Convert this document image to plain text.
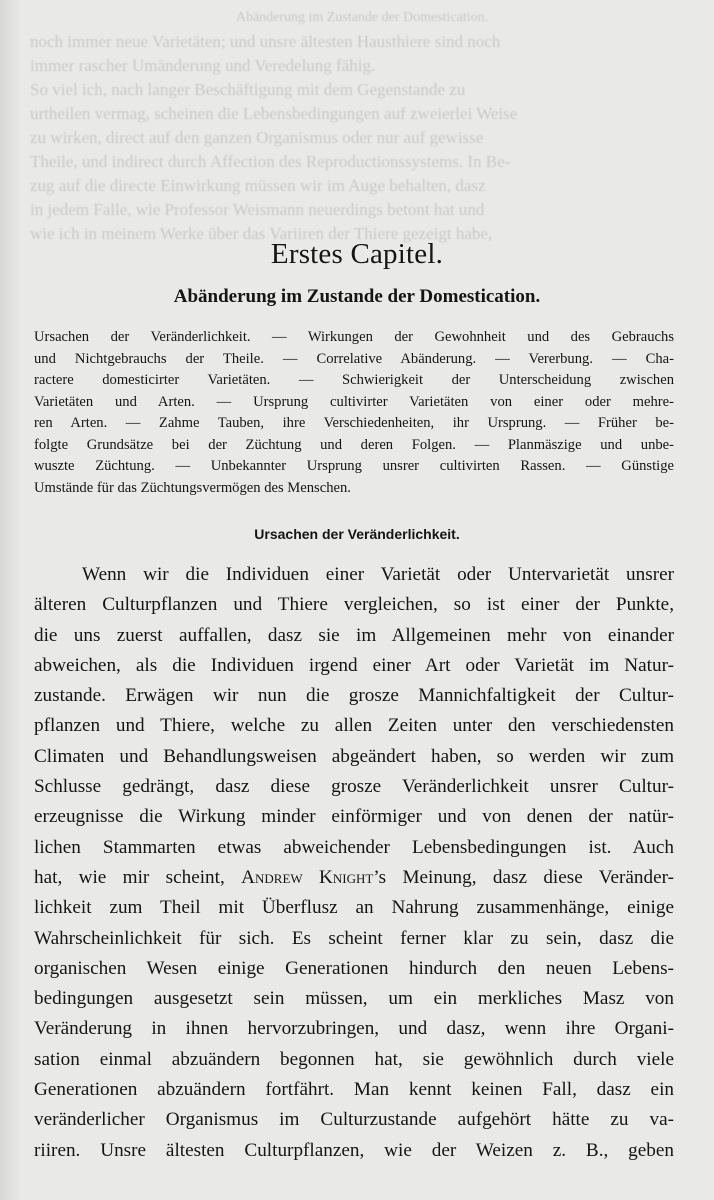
Abänderung im Zustande der Domestication.
noch immer neue Varietäten; und unsre ältesten Hausthiere sind noch
immer rascher Umänderung und Veredelung fähig.
So viel ich, nach langer Beschäftigung mit dem Gegenstande zu
urtheilen vermag, scheinen die Lebensbedingungen auf zweierlei Weise
zu wirken, direct auf den ganzen Organismus oder nur auf gewisse
Theile, und indirect durch Affection des Reproductionssystems. In Be-
zug auf die directe Einwirkung müssen wir im Auge behalten, dasz
in jedem Falle, wie Professor Weismann neuerdings betont hat und
wie ich in meinem Werke über das Variiren der Thiere gezeigt habe,
Erstes Capitel.
Abänderung im Zustande der Domestication.
Ursachen der Veränderlichkeit. — Wirkungen der Gewohnheit und des Gebrauchs
und Nichtgebrauchs der Theile. — Correlative Abänderung. — Vererbung. — Cha-
ractere domesticirter Varietäten. — Schwierigkeit der Unterscheidung zwischen
Varietäten und Arten. — Ursprung cultivirter Varietäten von einer oder mehre-
ren Arten. — Zahme Tauben, ihre Verschiedenheiten, ihr Ursprung. — Früher be-
folgte Grundsätze bei der Züchtung und deren Folgen. — Planmäszige und unbe-
wuszte Züchtung. — Unbekannter Ursprung unsrer cultivirten Rassen. — Günstige
Umstände für das Züchtungsvermögen des Menschen.
Ursachen der Veränderlichkeit.
Wenn wir die Individuen einer Varietät oder Untervarietät unsrer
älteren Culturpflanzen und Thiere vergleichen, so ist einer der Punkte,
die uns zuerst auffallen, dasz sie im Allgemeinen mehr von einander
abweichen, als die Individuen irgend einer Art oder Varietät im Natur-
zustande. Erwägen wir nun die grosze Mannichfaltigkeit der Cultur-
pflanzen und Thiere, welche zu allen Zeiten unter den verschiedensten
Climaten und Behandlungsweisen abgeändert haben, so werden wir zum
Schlusse gedrängt, dasz diese grosze Veränderlichkeit unsrer Cultur-
erzeugnisse die Wirkung minder einförmiger und von denen der natür-
lichen Stammarten etwas abweichender Lebensbedingungen ist. Auch
hat, wie mir scheint, Andrew Knight’s Meinung, dasz diese Veränder-
lichkeit zum Theil mit Überflusz an Nahrung zusammenhänge, einige
Wahrscheinlichkeit für sich. Es scheint ferner klar zu sein, dasz die
organischen Wesen einige Generationen hindurch den neuen Lebens-
bedingungen ausgesetzt sein müssen, um ein merkliches Masz von
Veränderung in ihnen hervorzubringen, und dasz, wenn ihre Organi-
sation einmal abzuändern begonnen hat, sie gewöhnlich durch viele
Generationen abzuändern fortfährt. Man kennt keinen Fall, dasz ein
veränderlicher Organismus im Culturzustande aufgehört hätte zu va-
riiren. Unsre ältesten Culturpflanzen, wie der Weizen z. B., geben
